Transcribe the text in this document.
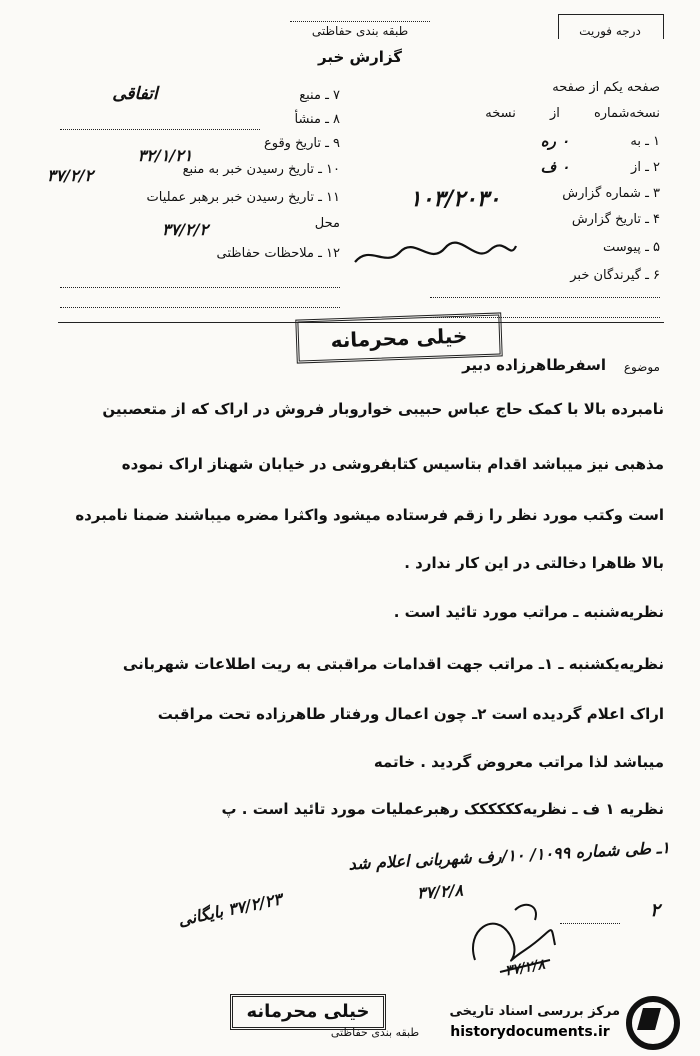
طبقه بندی حفاظتی	درجه فوریت
گزارش خبر
۷ ـ منبع
اتفاقی
۸ ـ منشأ
۹ ـ تاریخ وقوع
۳۲/۱/۲۱
۱۰ ـ تاریخ رسیدن خبر به منبع
۳۷/۲/۲
۱۱ ـ تاریخ رسیدن خبر برهبر عملیات
محل
۳۷/۲/۲
۱۲ ـ ملاحظات حفاظتی
صفحه یکم از صفحه
نسخه‌شماره از نسخه
۱ ـ به
۰ ره
۲ ـ از
۰ ف
۳ ـ شماره گزارش
۱۰۳/۲۰۳۰
۴ ـ تاریخ گزارش
۵ ـ پیوست
۶ ـ گیرندگان خبر
خیلی محرمانه
موضوع
اسفرطاهرزاده دبیر
نامبرده بالا با کمک حاج عباس حبیبی خواروبار فروش در اراک که از متعصبین
مذهبی نیز میباشد اقدام بتاسیس کتابفروشی در خیابان شهناز اراک نموده
است وکتب مورد نظر را زقم فرستاده میشود واکثرا مضره میباشند ضمنا نامبرده
بالا ظاهرا دخالتی در این کار ندارد .
نظریه‌شنبه ـ مراتب مورد تائید است .
نظریه‌یکشنبه ـ ۱ـ مراتب جهت اقدامات مراقبتی به ریت اطلاعات شهربانی
اراک اعلام گردیده است ۲ـ چون اعمال ورفتار طاهرزاده تحت مراقبت
میباشد لذا مراتب معروض گردید . خاتمه
نظریه ۱ ف ـ نظریه‌کککککک رهبرعملیات مورد تائید است . پ
۱ـ طی شماره ۱۰۹۹/ ۱۰/رف شهربانی اعلام شد
۳۷/۲/۸
۳۷/۲/۲۳ بایگانی	۲
۳۷/۲/۸
خیلی محرمانه
طبقه بندی حفاظتی
مرکز بررسی اسناد تاریخی
historydocuments.ir
